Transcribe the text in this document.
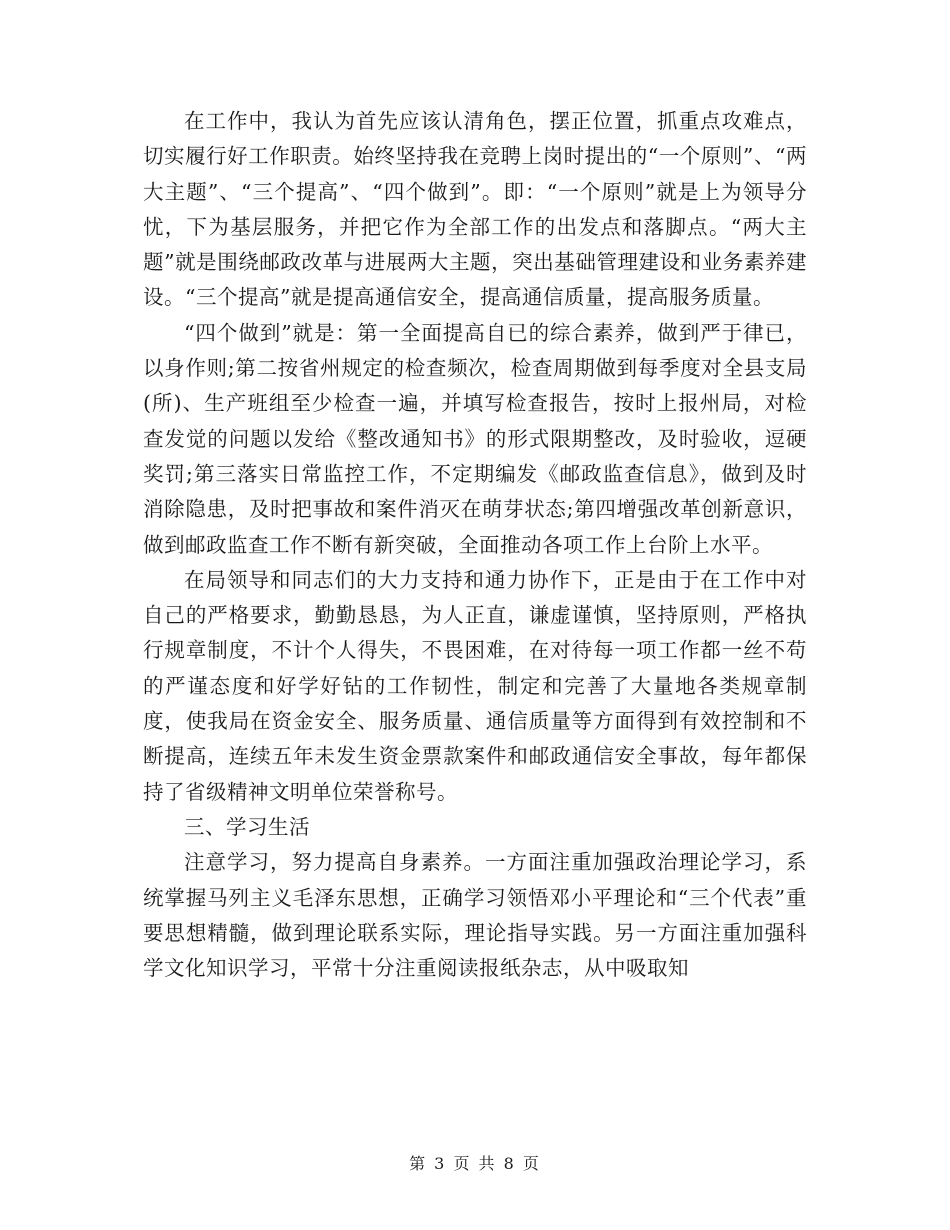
在工作中，我认为首先应该认清角色，摆正位置，抓重点攻难点，切实履行好工作职责。始终坚持我在竞聘上岗时提出的“一个原则”、“两大主题”、“三个提高”、“四个做到”。即：“一个原则”就是上为领导分忧，下为基层服务，并把它作为全部工作的出发点和落脚点。“两大主题”就是围绕邮政改革与进展两大主题，突出基础管理建设和业务素养建设。“三个提高”就是提高通信安全，提高通信质量，提高服务质量。

“四个做到”就是：第一全面提高自已的综合素养，做到严于律已，以身作则;第二按省州规定的检查频次，检查周期做到每季度对全县支局(所)、生产班组至少检查一遍，并填写检查报告，按时上报州局，对检查发觉的问题以发给《整改通知书》的形式限期整改，及时验收，逗硬奖罚;第三落实日常监控工作，不定期编发《邮政监查信息》，做到及时消除隐患，及时把事故和案件消灭在萌芽状态;第四增强改革创新意识，做到邮政监查工作不断有新突破，全面推动各项工作上台阶上水平。

在局领导和同志们的大力支持和通力协作下，正是由于在工作中对自己的严格要求，勤勤恳恳，为人正直，谦虚谨慎，坚持原则，严格执行规章制度，不计个人得失，不畏困难，在对待每一项工作都一丝不苟的严谨态度和好学好钻的工作韧性，制定和完善了大量地各类规章制度，使我局在资金安全、服务质量、通信质量等方面得到有效控制和不断提高，连续五年未发生资金票款案件和邮政通信安全事故，每年都保持了省级精神文明单位荣誉称号。

三、学习生活

注意学习，努力提高自身素养。一方面注重加强政治理论学习，系统掌握马列主义毛泽东思想，正确学习领悟邓小平理论和“三个代表”重要思想精髓，做到理论联系实际，理论指导实践。另一方面注重加强科学文化知识学习，平常十分注重阅读报纸杂志，从中吸取知

第 3 页 共 8 页
